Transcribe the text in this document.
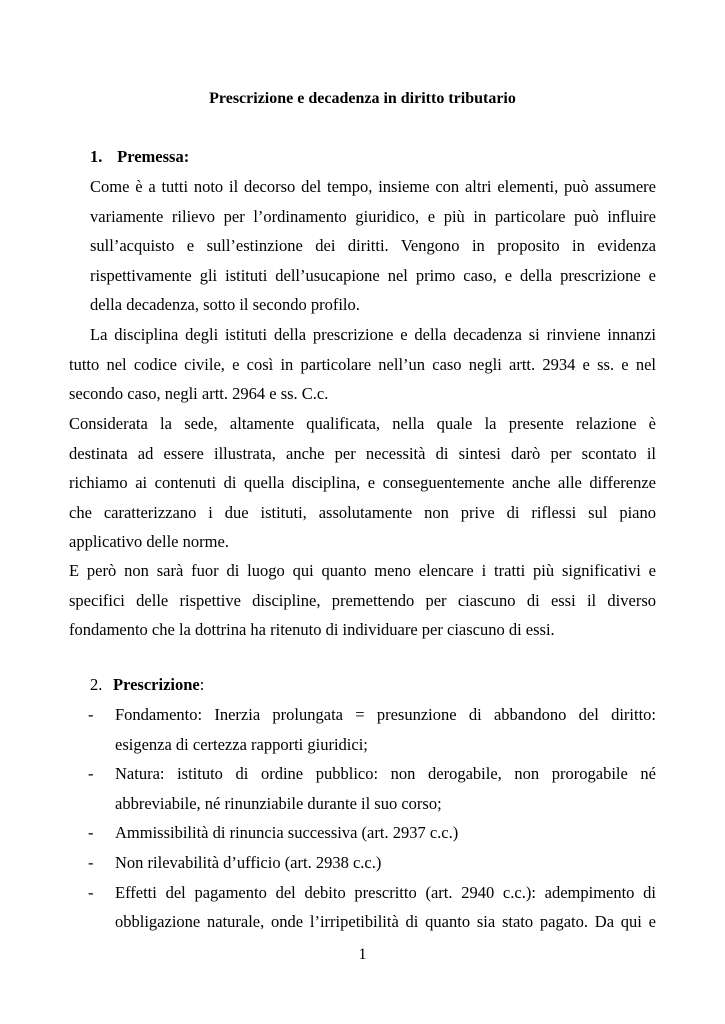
Prescrizione e decadenza in diritto tributario
1. Premessa:
Come è a tutti noto il decorso del tempo, insieme con altri elementi, può assumere
variamente rilievo per l’ordinamento giuridico, e più in particolare può influire
sull’acquisto e sull’estinzione dei diritti. Vengono in proposito in evidenza
rispettivamente gli istituti dell’usucapione nel primo caso, e della prescrizione e
della decadenza, sotto il secondo profilo.
La disciplina degli istituti della prescrizione e della decadenza si rinviene innanzi
tutto nel codice civile, e così in particolare nell’un caso negli artt. 2934 e ss. e nel
secondo caso, negli artt. 2964 e ss. C.c.
Considerata la sede, altamente qualificata, nella quale la presente relazione è
destinata ad essere illustrata, anche per necessità di sintesi darò per scontato il
richiamo ai contenuti di quella disciplina, e conseguentemente anche alle differenze
che caratterizzano i due istituti, assolutamente non prive di riflessi sul piano
applicativo delle norme.
E però non sarà fuor di luogo qui quanto meno elencare i tratti più significativi e
specifici delle rispettive discipline, premettendo per ciascuno di essi il diverso
fondamento che la dottrina ha ritenuto di individuare per ciascuno di essi.
2. Prescrizione:
- Fondamento: Inerzia prolungata = presunzione di abbandono del diritto:
esigenza di certezza rapporti giuridici;
- Natura: istituto di ordine pubblico: non derogabile, non prorogabile né
abbreviabile, né rinunziabile durante il suo corso;
- Ammissibilità di rinuncia successiva (art. 2937 c.c.)
- Non rilevabilità d’ufficio (art. 2938 c.c.)
- Effetti del pagamento del debito prescritto (art. 2940 c.c.): adempimento di
obbligazione naturale, onde l’irripetibilità di quanto sia stato pagato. Da qui e
1
